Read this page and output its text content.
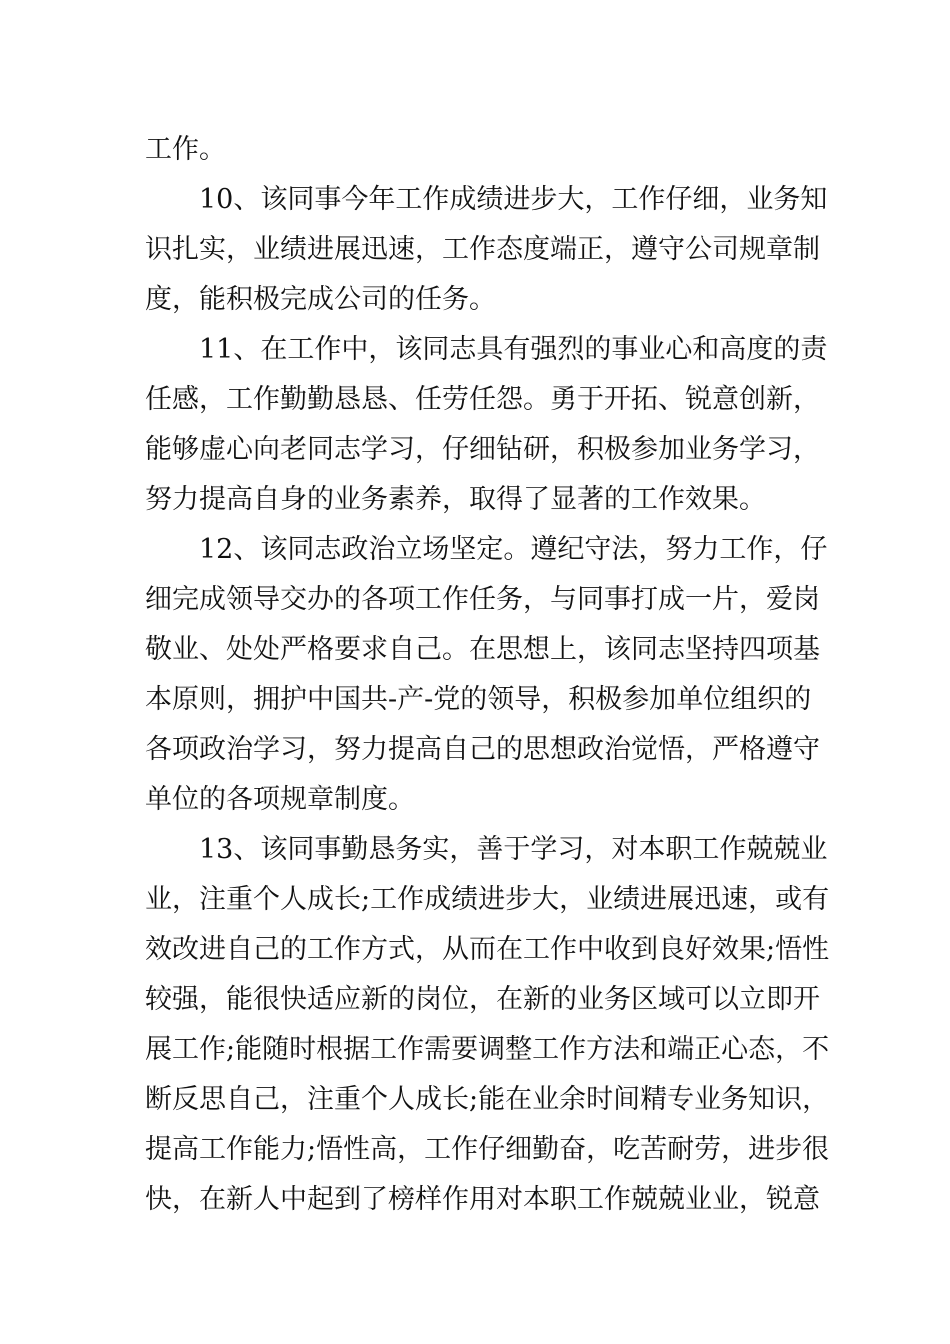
工作。
10、该同事今年工作成绩进步大，工作仔细，业务知
识扎实，业绩进展迅速，工作态度端正，遵守公司规章制
度，能积极完成公司的任务。
11、在工作中，该同志具有强烈的事业心和高度的责
任感，工作勤勤恳恳、任劳任怨。勇于开拓、锐意创新，
能够虚心向老同志学习，仔细钻研，积极参加业务学习，
努力提高自身的业务素养，取得了显著的工作效果。
12、该同志政治立场坚定。遵纪守法，努力工作，仔
细完成领导交办的各项工作任务，与同事打成一片，爱岗
敬业、处处严格要求自己。在思想上，该同志坚持四项基
本原则，拥护中国共-产-党的领导，积极参加单位组织的
各项政治学习，努力提高自己的思想政治觉悟，严格遵守
单位的各项规章制度。
13、该同事勤恳务实，善于学习，对本职工作兢兢业
业，注重个人成长;工作成绩进步大，业绩进展迅速，或有
效改进自己的工作方式，从而在工作中收到良好效果;悟性
较强，能很快适应新的岗位，在新的业务区域可以立即开
展工作;能随时根据工作需要调整工作方法和端正心态，不
断反思自己，注重个人成长;能在业余时间精专业务知识，
提高工作能力;悟性高，工作仔细勤奋，吃苦耐劳，进步很
快，在新人中起到了榜样作用对本职工作兢兢业业，锐意
